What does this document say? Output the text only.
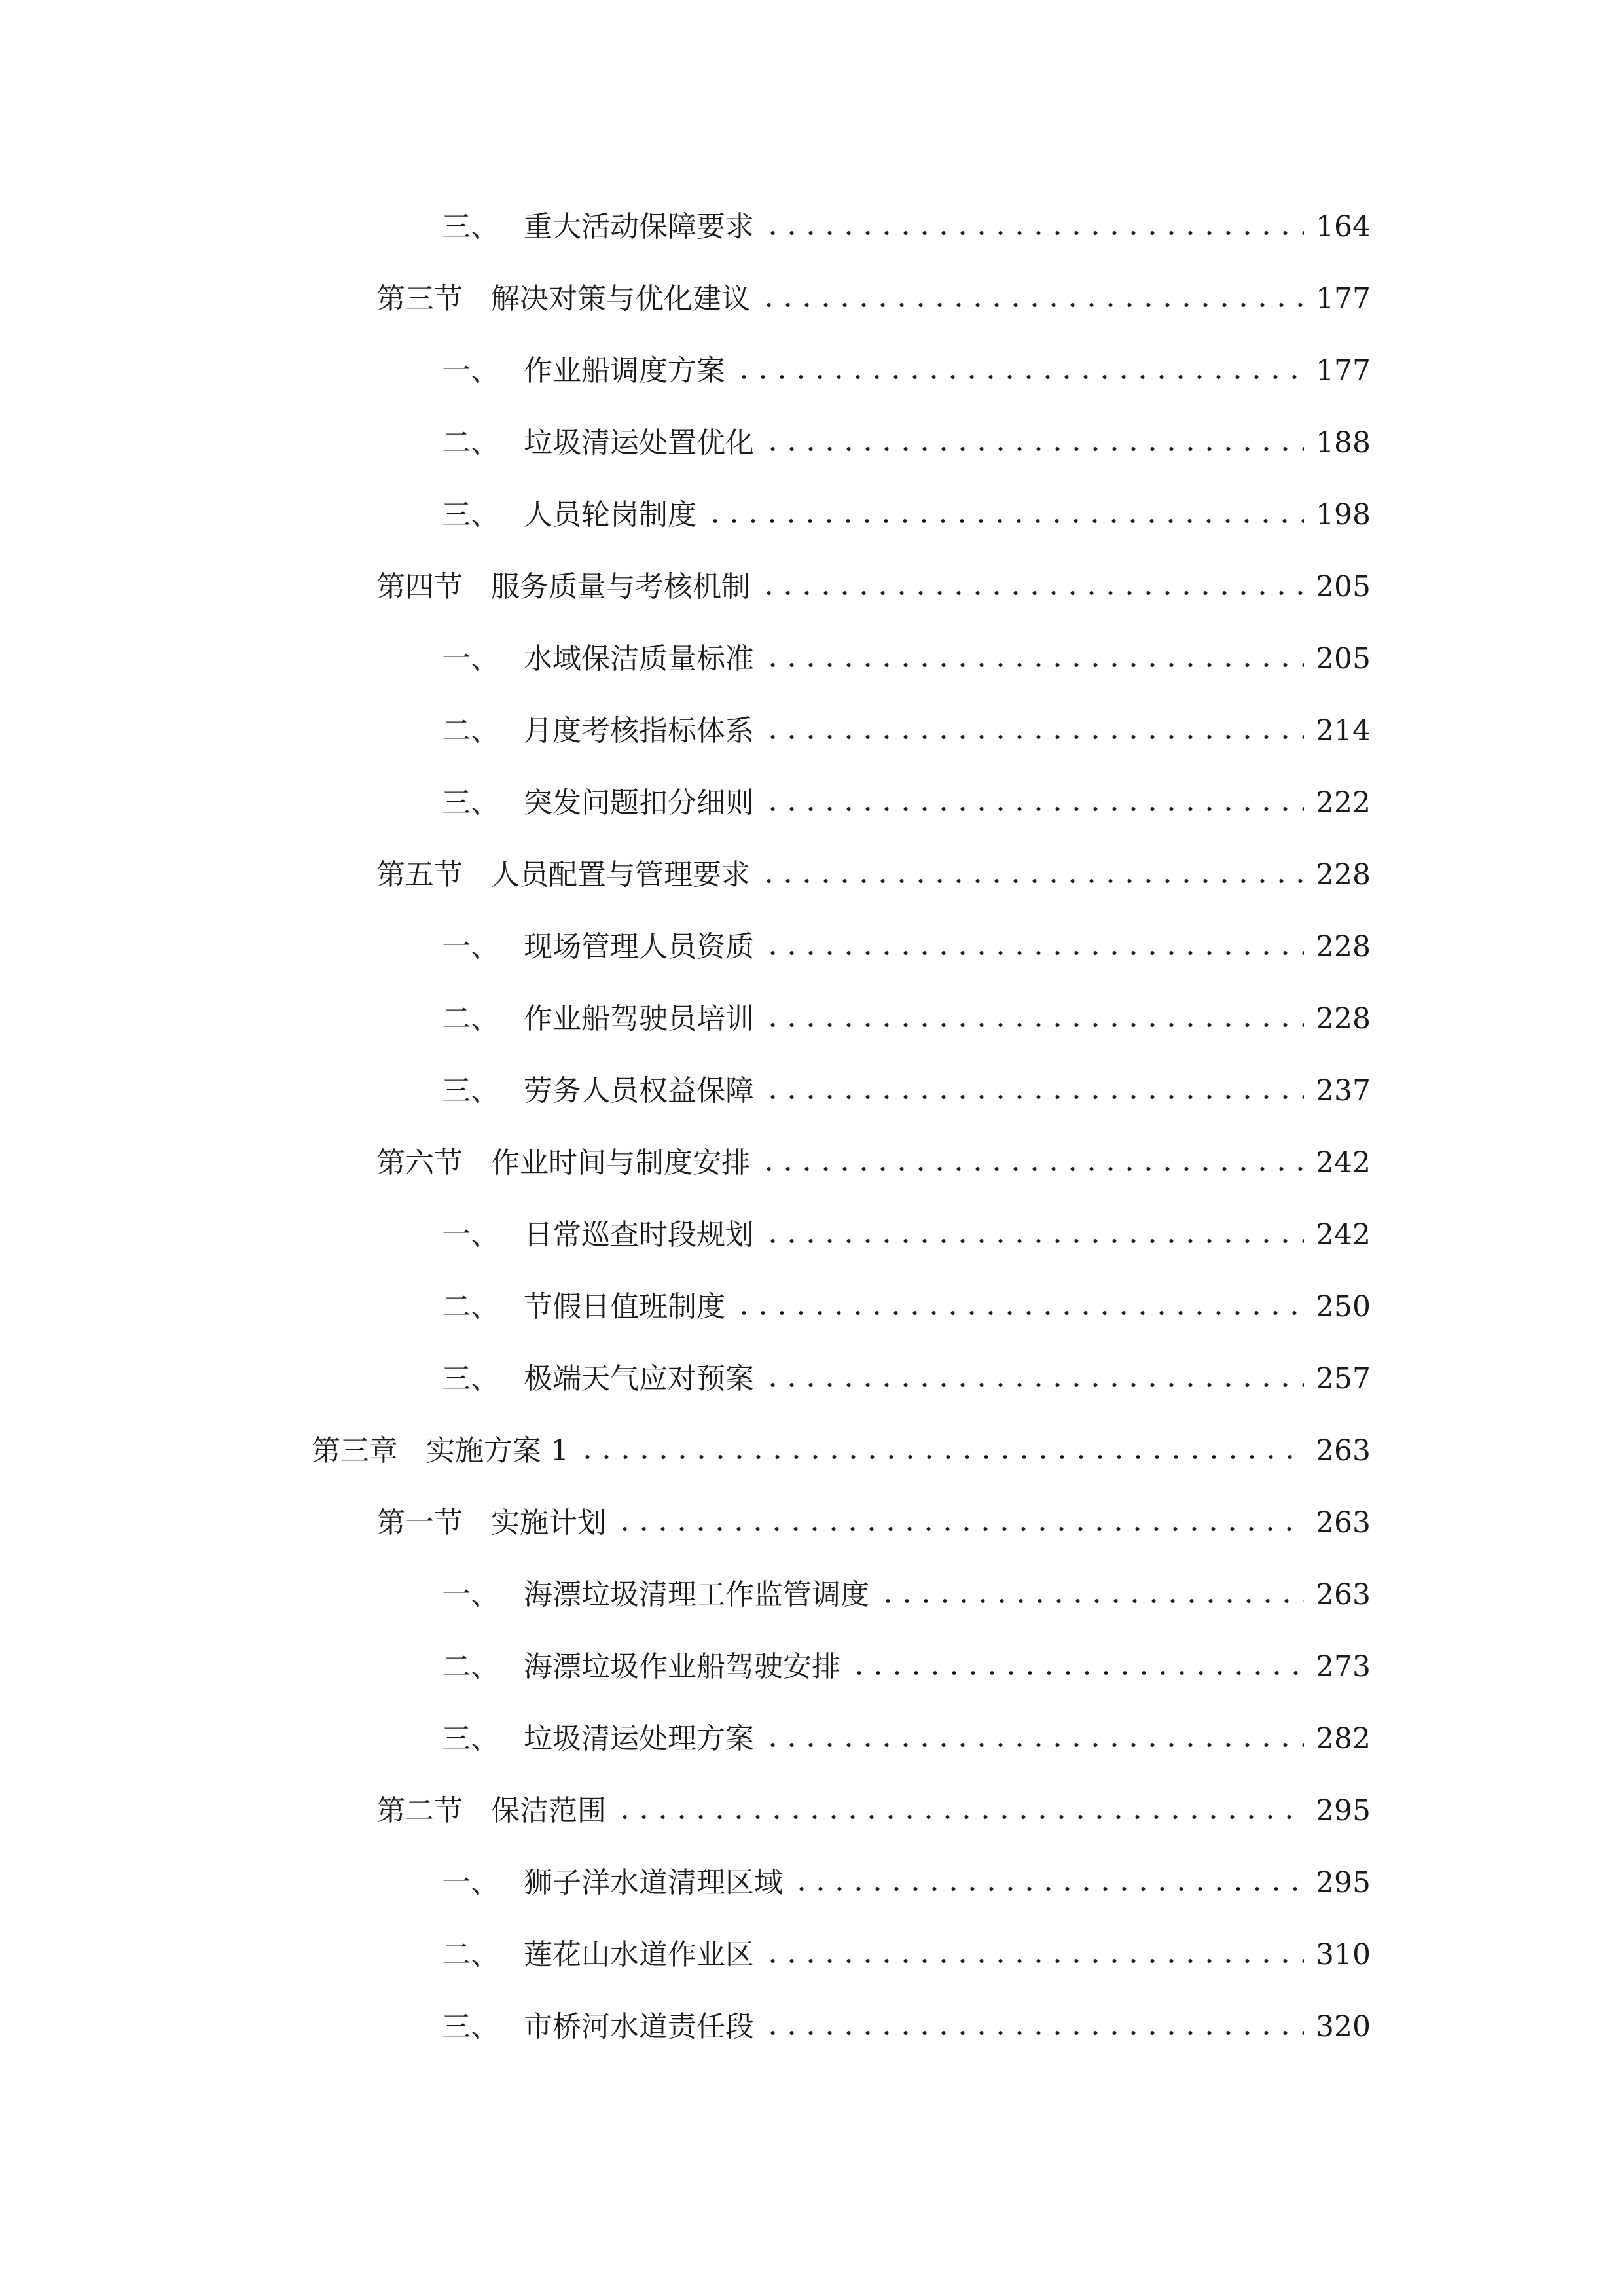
三、 重大活动保障要求	164
第三节 解决对策与优化建议	177
一、 作业船调度方案	177
二、 垃圾清运处置优化	188
三、 人员轮岗制度	198
第四节 服务质量与考核机制	205
一、 水域保洁质量标准	205
二、 月度考核指标体系	214
三、 突发问题扣分细则	222
第五节 人员配置与管理要求	228
一、 现场管理人员资质	228
二、 作业船驾驶员培训	228
三、 劳务人员权益保障	237
第六节 作业时间与制度安排	242
一、 日常巡查时段规划	242
二、 节假日值班制度	250
三、 极端天气应对预案	257
第三章 实施方案 1	263
第一节 实施计划	263
一、 海漂垃圾清理工作监管调度	263
二、 海漂垃圾作业船驾驶安排	273
三、 垃圾清运处理方案	282
第二节 保洁范围	295
一、 狮子洋水道清理区域	295
二、 莲花山水道作业区	310
三、 市桥河水道责任段	320
